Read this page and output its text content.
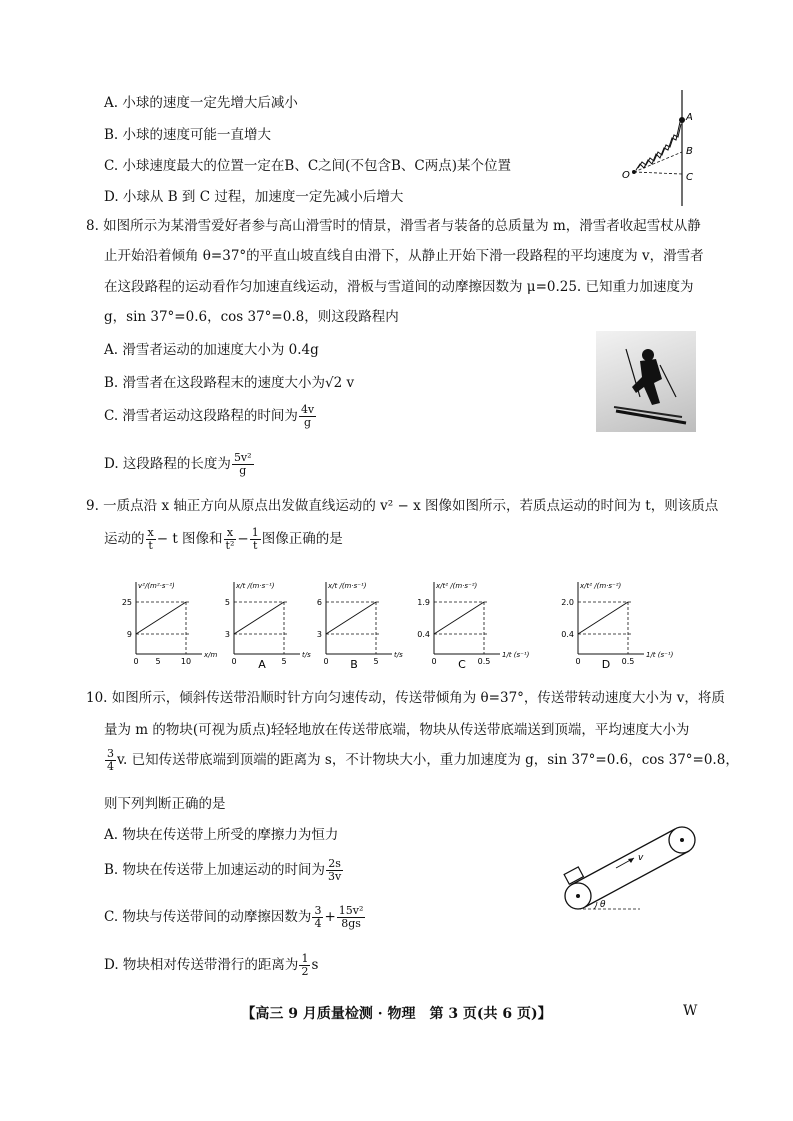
A. 小球的速度一定先增大后减小
B. 小球的速度可能一直增大
C. 小球速度最大的位置一定在B、C之间(不包含B、C两点)某个位置
D. 小球从 B 到 C 过程，加速度一定先减小后增大
A
B
C
O
8. 如图所示为某滑雪爱好者参与高山滑雪时的情景，滑雪者与装备的总质量为 m，滑雪者收起雪杖从静
止开始沿着倾角 θ=37°的平直山坡直线自由滑下，从静止开始下滑一段路程的平均速度为 v，滑雪者
在这段路程的运动看作匀加速直线运动，滑板与雪道间的动摩擦因数为 μ=0.25. 已知重力加速度为
g，sin 37°=0.6，cos 37°=0.8，则这段路程内
A. 滑雪者运动的加速度大小为 0.4g
B. 滑雪者在这段路程末的速度大小为√2 v
C. 滑雪者运动这段路程的时间为 $\frac{4v}{g}$
D. 这段路程的长度为 $\frac{\text{5v²}}{g}$
9. 一质点沿 x 轴正方向从原点出发做直线运动的 v² − x 图像如图所示，若质点运动的时间为 t，则该质点
运动的 $\frac{x}{t} - t$ 图像和 $\frac{x}{\text{t²}} - \frac{1}{t}$ 图像正确的是
25
9
v²/(m²·s⁻²)
x/m
0 5	10
5
3
x/t /(m·s⁻¹)
t/s
0	5
A
6
3
x/t /(m·s⁻¹)
t/s
0	5
B
1.9
0.4
x/t² /(m·s⁻²)
1/t (s⁻¹)
0	0.5
C
2.0
0.4
x/t² /(m·s⁻²)
1/t (s⁻¹)
0	0.5
D
10. 如图所示，倾斜传送带沿顺时针方向匀速传动，传送带倾角为 θ=37°，传送带转动速度大小为 v，将质
量为 m 的物块(可视为质点)轻轻地放在传送带底端，物块从传送带底端送到顶端，平均速度大小为
$\frac{3}{4} v$. 已知传送带底端到顶端的距离为 s，不计物块大小，重力加速度为 g，sin 37°=0.6，cos 37°=0.8，
则下列判断正确的是
A. 物块在传送带上所受的摩擦力为恒力
B. 物块在传送带上加速运动的时间为 $\frac{2s}{3v}$
C. 物块与传送带间的动摩擦因数为 $\frac{3}{4} + \frac{\text{15v²}}{8gs}$
D. 物块相对传送带滑行的距离为 $\frac{1}{2}$ s
v
θ
【高三 9 月质量检测 · 物理　第 3 页(共 6 页)】	W
